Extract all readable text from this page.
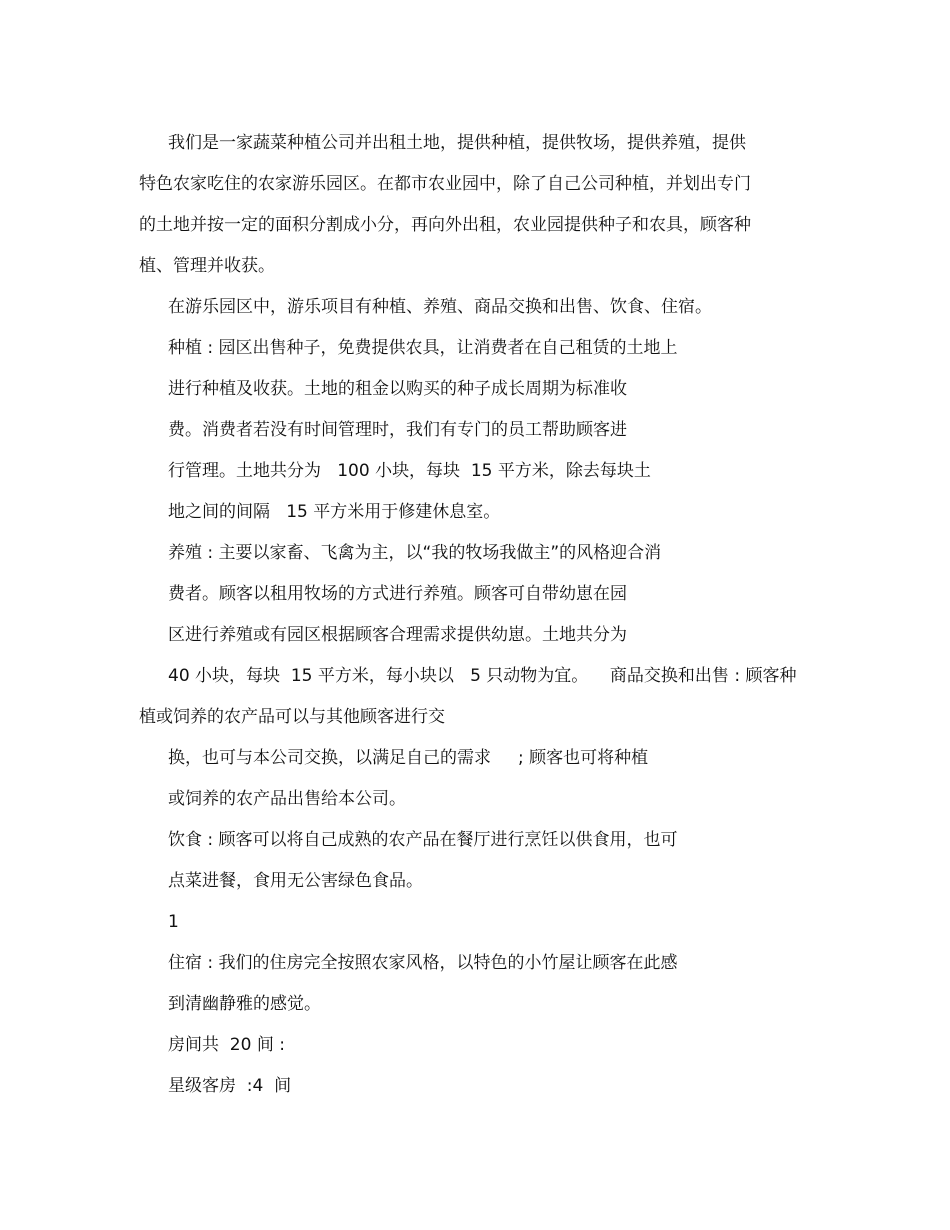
我们是一家蔬菜种植公司并出租土地，提供种植，提供牧场，提供养殖，提供

特色农家吃住的农家游乐园区。在都市农业园中，除了自己公司种植，并划出专门

的土地并按一定的面积分割成小分，再向外出租，农业园提供种子和农具，顾客种

植、管理并收获。

在游乐园区中，游乐项目有种植、养殖、商品交换和出售、饮食、住宿。

种植 : 园区出售种子，免费提供农具，让消费者在自己租赁的土地上

进行种植及收获。土地的租金以购买的种子成长周期为标准收

费。消费者若没有时间管理时，我们有专门的员工帮助顾客进

行管理。土地共分为   100 小块，每块  15 平方米，除去每块土

地之间的间隔   15 平方米用于修建休息室。

养殖 : 主要以家畜、飞禽为主，以“我的牧场我做主”的风格迎合消

费者。顾客以租用牧场的方式进行养殖。顾客可自带幼崽在园

区进行养殖或有园区根据顾客合理需求提供幼崽。土地共分为

40 小块，每块  15 平方米，每小块以   5 只动物为宜。    商品交换和出售 : 顾客种

植或饲养的农产品可以与其他顾客进行交

换，也可与本公司交换，以满足自己的需求     ; 顾客也可将种植

或饲养的农产品出售给本公司。

饮食 : 顾客可以将自己成熟的农产品在餐厅进行烹饪以供食用，也可

点菜进餐，食用无公害绿色食品。

1

住宿 : 我们的住房完全按照农家风格，以特色的小竹屋让顾客在此感

到清幽静雅的感觉。

房间共  20 间 :

星级客房  :4  间
